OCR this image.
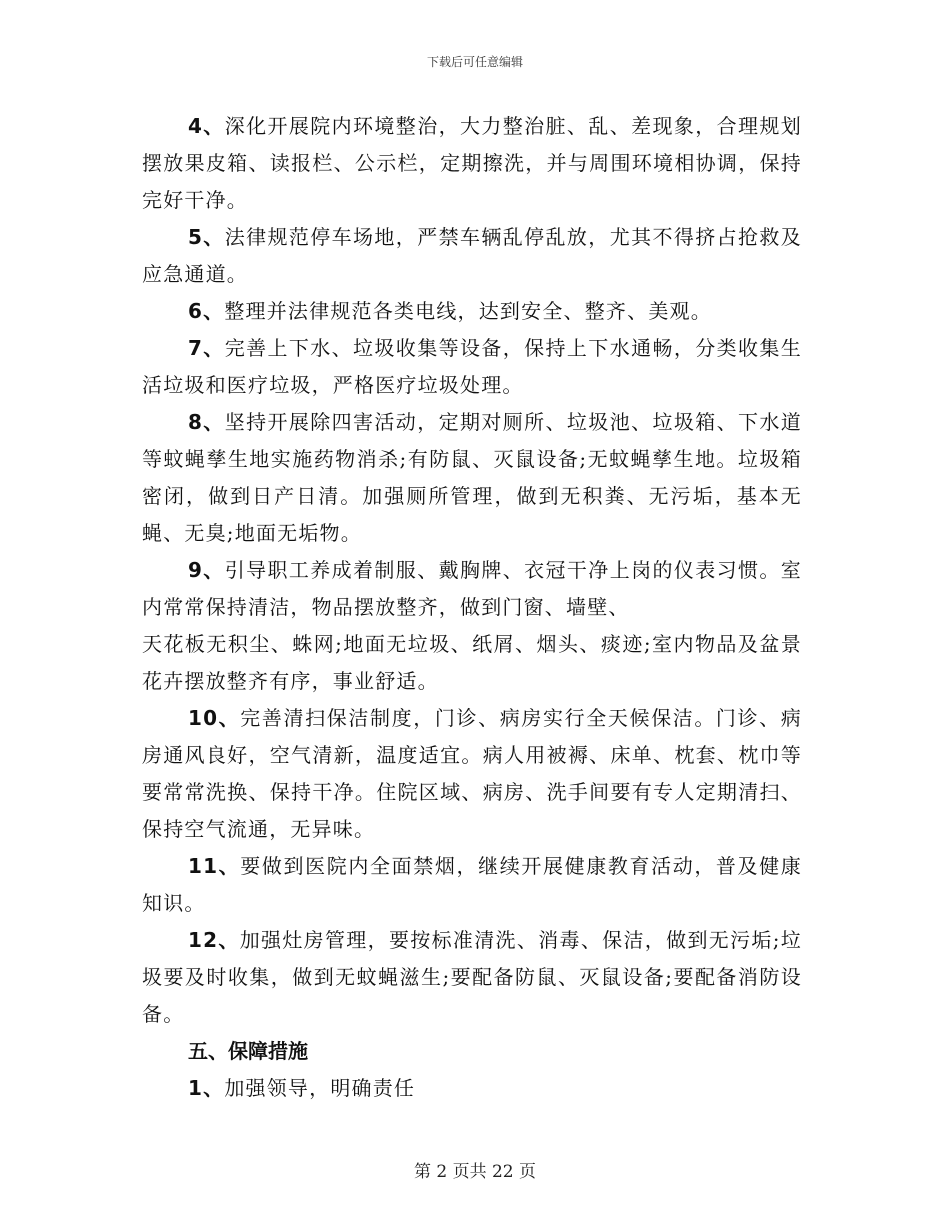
下载后可任意编辑

4、深化开展院内环境整治，大力整治脏、乱、差现象，合理规划摆放果皮箱、读报栏、公示栏，定期擦洗，并与周围环境相协调，保持完好干净。

5、法律规范停车场地，严禁车辆乱停乱放，尤其不得挤占抢救及应急通道。

6、整理并法律规范各类电线，达到安全、整齐、美观。

7、完善上下水、垃圾收集等设备，保持上下水通畅，分类收集生活垃圾和医疗垃圾，严格医疗垃圾处理。

8、坚持开展除四害活动，定期对厕所、垃圾池、垃圾箱、下水道等蚊蝇孳生地实施药物消杀;有防鼠、灭鼠设备;无蚊蝇孳生地。垃圾箱密闭，做到日产日清。加强厕所管理，做到无积粪、无污垢，基本无蝇、无臭;地面无垢物。

9、引导职工养成着制服、戴胸牌、衣冠干净上岗的仪表习惯。室内常常保持清洁，物品摆放整齐，做到门窗、墙壁、

天花板无积尘、蛛网;地面无垃圾、纸屑、烟头、痰迹;室内物品及盆景花卉摆放整齐有序，事业舒适。

10、完善清扫保洁制度，门诊、病房实行全天候保洁。门诊、病房通风良好，空气清新，温度适宜。病人用被褥、床单、枕套、枕巾等要常常洗换、保持干净。住院区域、病房、洗手间要有专人定期清扫、保持空气流通，无异味。

11、要做到医院内全面禁烟，继续开展健康教育活动，普及健康知识。

12、加强灶房管理，要按标准清洗、消毒、保洁，做到无污垢;垃圾要及时收集，做到无蚊蝇滋生;要配备防鼠、灭鼠设备;要配备消防设备。

五、保障措施

1、加强领导，明确责任

第 2 页共 22 页
